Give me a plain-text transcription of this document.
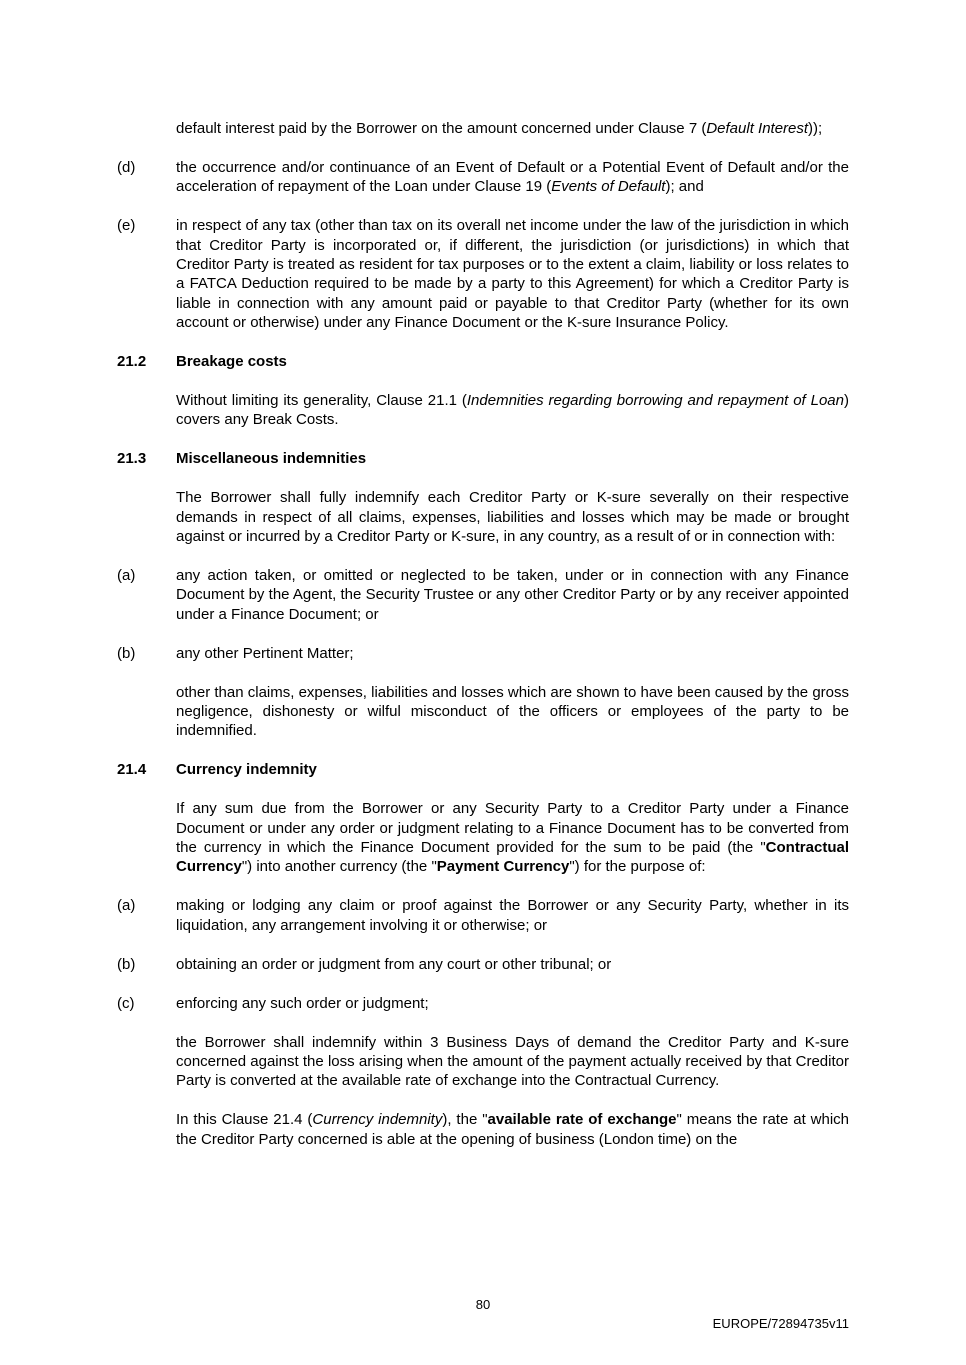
default interest paid by the Borrower on the amount concerned under Clause 7 (Default Interest));
(d)	the occurrence and/or continuance of an Event of Default or a Potential Event of Default and/or the acceleration of repayment of the Loan under Clause 19 (Events of Default); and
(e)	in respect of any tax (other than tax on its overall net income under the law of the jurisdiction in which that Creditor Party is incorporated or, if different, the jurisdiction (or jurisdictions) in which that Creditor Party is treated as resident for tax purposes or to the extent a claim, liability or loss relates to a FATCA Deduction required to be made by a party to this Agreement) for which a Creditor Party is liable in connection with any amount paid or payable to that Creditor Party (whether for its own account or otherwise) under any Finance Document or the K-sure Insurance Policy.
21.2	Breakage costs
Without limiting its generality, Clause 21.1 (Indemnities regarding borrowing and repayment of Loan) covers any Break Costs.
21.3	Miscellaneous indemnities
The Borrower shall fully indemnify each Creditor Party or K-sure severally on their respective demands in respect of all claims, expenses, liabilities and losses which may be made or brought against or incurred by a Creditor Party or K-sure, in any country, as a result of or in connection with:
(a)	any action taken, or omitted or neglected to be taken, under or in connection with any Finance Document by the Agent, the Security Trustee or any other Creditor Party or by any receiver appointed under a Finance Document; or
(b)	any other Pertinent Matter;
other than claims, expenses, liabilities and losses which are shown to have been caused by the gross negligence, dishonesty or wilful misconduct of the officers or employees of the party to be indemnified.
21.4	Currency indemnity
If any sum due from the Borrower or any Security Party to a Creditor Party under a Finance Document or under any order or judgment relating to a Finance Document has to be converted from the currency in which the Finance Document provided for the sum to be paid (the "Contractual Currency") into another currency (the "Payment Currency") for the purpose of:
(a)	making or lodging any claim or proof against the Borrower or any Security Party, whether in its liquidation, any arrangement involving it or otherwise; or
(b)	obtaining an order or judgment from any court or other tribunal; or
(c)	enforcing any such order or judgment;
the Borrower shall indemnify within 3 Business Days of demand the Creditor Party and K-sure concerned against the loss arising when the amount of the payment actually received by that Creditor Party is converted at the available rate of exchange into the Contractual Currency.
In this Clause 21.4 (Currency indemnity), the "available rate of exchange" means the rate at which the Creditor Party concerned is able at the opening of business (London time) on the
80
EUROPE/72894735v11
